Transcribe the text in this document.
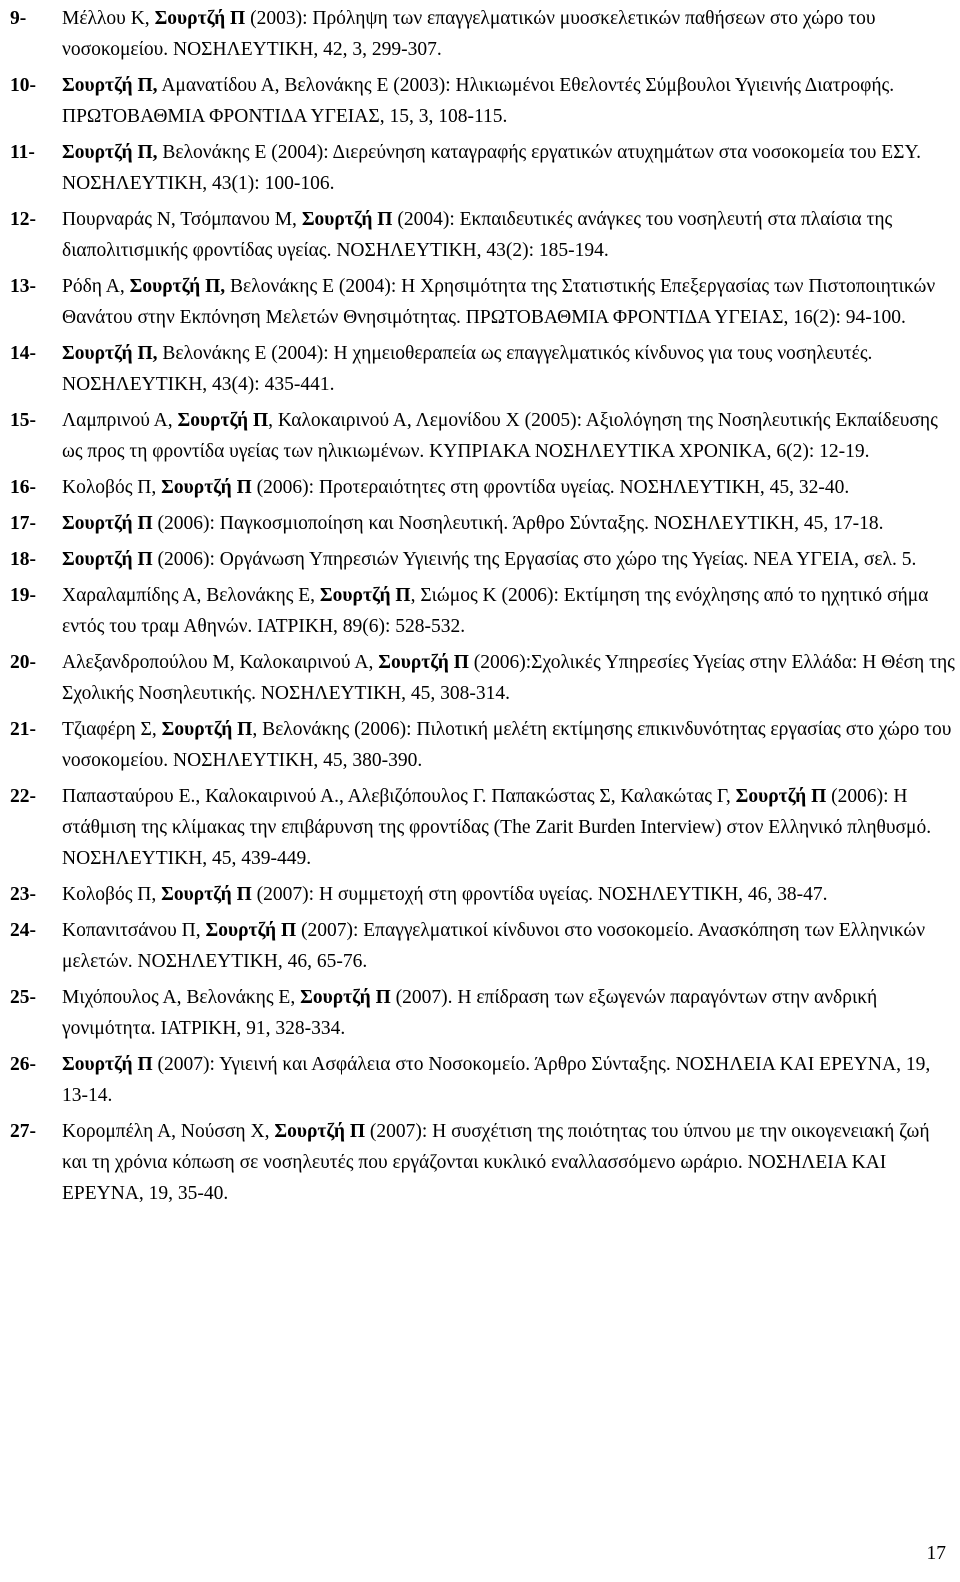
9-	Μέλλου Κ, Σουρτζή Π (2003): Πρόληψη των επαγγελματικών μυοσκελετικών παθήσεων στο χώρο του νοσοκομείου. ΝΟΣΗΛΕΥΤΙΚΗ, 42, 3, 299-307.
10-	Σουρτζή Π, Αμανατίδου Α, Βελονάκης Ε (2003): Ηλικιωμένοι Εθελοντές Σύμβουλοι Υγιεινής Διατροφής. ΠΡΩΤΟΒΑΘΜΙΑ ΦΡΟΝΤΙΔΑ ΥΓΕΙΑΣ, 15, 3, 108-115.
11-	Σουρτζή Π, Βελονάκης Ε (2004): Διερεύνηση καταγραφής εργατικών ατυχημάτων στα νοσοκομεία του ΕΣΥ. ΝΟΣΗΛΕΥΤΙΚΗ, 43(1): 100-106.
12-	Πουρναράς Ν, Τσόμπανου Μ, Σουρτζή Π (2004): Εκπαιδευτικές ανάγκες του νοσηλευτή στα πλαίσια της διαπολιτισμικής φροντίδας υγείας. ΝΟΣΗΛΕΥΤΙΚΗ, 43(2): 185-194.
13-	Ρόδη Α, Σουρτζή Π, Βελονάκης Ε (2004): Η Χρησιμότητα της Στατιστικής Επεξεργασίας των Πιστοποιητικών Θανάτου στην Εκπόνηση Μελετών Θνησιμότητας. ΠΡΩΤΟΒΑΘΜΙΑ ΦΡΟΝΤΙΔΑ ΥΓΕΙΑΣ, 16(2): 94-100.
14-	Σουρτζή Π, Βελονάκης Ε (2004): Η χημειοθεραπεία ως επαγγελματικός κίνδυνος για τους νοσηλευτές. ΝΟΣΗΛΕΥΤΙΚΗ, 43(4): 435-441.
15-	Λαμπρινού Α, Σουρτζή Π, Καλοκαιρινού Α, Λεμονίδου Χ (2005): Αξιολόγηση της Νοσηλευτικής Εκπαίδευσης ως προς τη φροντίδα υγείας των ηλικιωμένων. ΚΥΠΡΙΑΚΑ ΝΟΣΗΛΕΥΤΙΚΑ ΧΡΟΝΙΚΑ, 6(2): 12-19.
16-	Κολοβός Π, Σουρτζή Π (2006): Προτεραιότητες στη φροντίδα υγείας. ΝΟΣΗΛΕΥΤΙΚΗ, 45, 32-40.
17-	Σουρτζή Π (2006): Παγκοσμιοποίηση και Νοσηλευτική. Άρθρο Σύνταξης. ΝΟΣΗΛΕΥΤΙΚΗ, 45, 17-18.
18-	Σουρτζή Π (2006): Οργάνωση Υπηρεσιών Υγιεινής της Εργασίας στο χώρο της Υγείας. ΝΕΑ ΥΓΕΙΑ, σελ. 5.
19-	Χαραλαμπίδης Α, Βελονάκης Ε, Σουρτζή Π, Σιώμος Κ (2006): Εκτίμηση της ενόχλησης από το ηχητικό σήμα εντός του τραμ Αθηνών. ΙΑΤΡΙΚΗ, 89(6): 528-532.
20-	Αλεξανδροπούλου Μ, Καλοκαιρινού Α, Σουρτζή Π (2006):Σχολικές Υπηρεσίες Υγείας στην Ελλάδα: Η Θέση της Σχολικής Νοσηλευτικής. ΝΟΣΗΛΕΥΤΙΚΗ, 45, 308-314.
21-	Τζιαφέρη Σ, Σουρτζή Π, Βελονάκης (2006): Πιλοτική μελέτη εκτίμησης επικινδυνότητας εργασίας στο χώρο του νοσοκομείου. ΝΟΣΗΛΕΥΤΙΚΗ, 45, 380-390.
22-	Παπασταύρου Ε., Καλοκαιρινού Α., Αλεβιζόπουλος Γ. Παπακώστας Σ, Καλακώτας Γ, Σουρτζή Π (2006): Η στάθμιση της κλίμακας την επιβάρυνση της φροντίδας (The Zarit Burden Interview) στον Ελληνικό πληθυσμό. ΝΟΣΗΛΕΥΤΙΚΗ, 45, 439-449.
23-	Κολοβός Π, Σουρτζή Π (2007): Η συμμετοχή στη φροντίδα υγείας. ΝΟΣΗΛΕΥΤΙΚΗ, 46, 38-47.
24-	Κοπανιτσάνου Π, Σουρτζή Π (2007): Επαγγελματικοί κίνδυνοι στο νοσοκομείο. Ανασκόπηση των Ελληνικών μελετών. ΝΟΣΗΛΕΥΤΙΚΗ, 46, 65-76.
25-	Μιχόπουλος Α, Βελονάκης Ε, Σουρτζή Π (2007). Η επίδραση των εξωγενών παραγόντων στην ανδρική γονιμότητα. ΙΑΤΡΙΚΗ, 91, 328-334.
26-	Σουρτζή Π (2007): Υγιεινή και Ασφάλεια στο Νοσοκομείο. Άρθρο Σύνταξης. ΝΟΣΗΛΕΙΑ ΚΑΙ ΕΡΕΥΝΑ, 19, 13-14.
27-	Κορομπέλη Α, Νούσση Χ, Σουρτζή Π (2007): Η συσχέτιση της ποιότητας του ύπνου με την οικογενειακή ζωή και τη χρόνια κόπωση σε νοσηλευτές που εργάζονται κυκλικό εναλλασσόμενο ωράριο. ΝΟΣΗΛΕΙΑ ΚΑΙ ΕΡΕΥΝΑ, 19, 35-40.
17
